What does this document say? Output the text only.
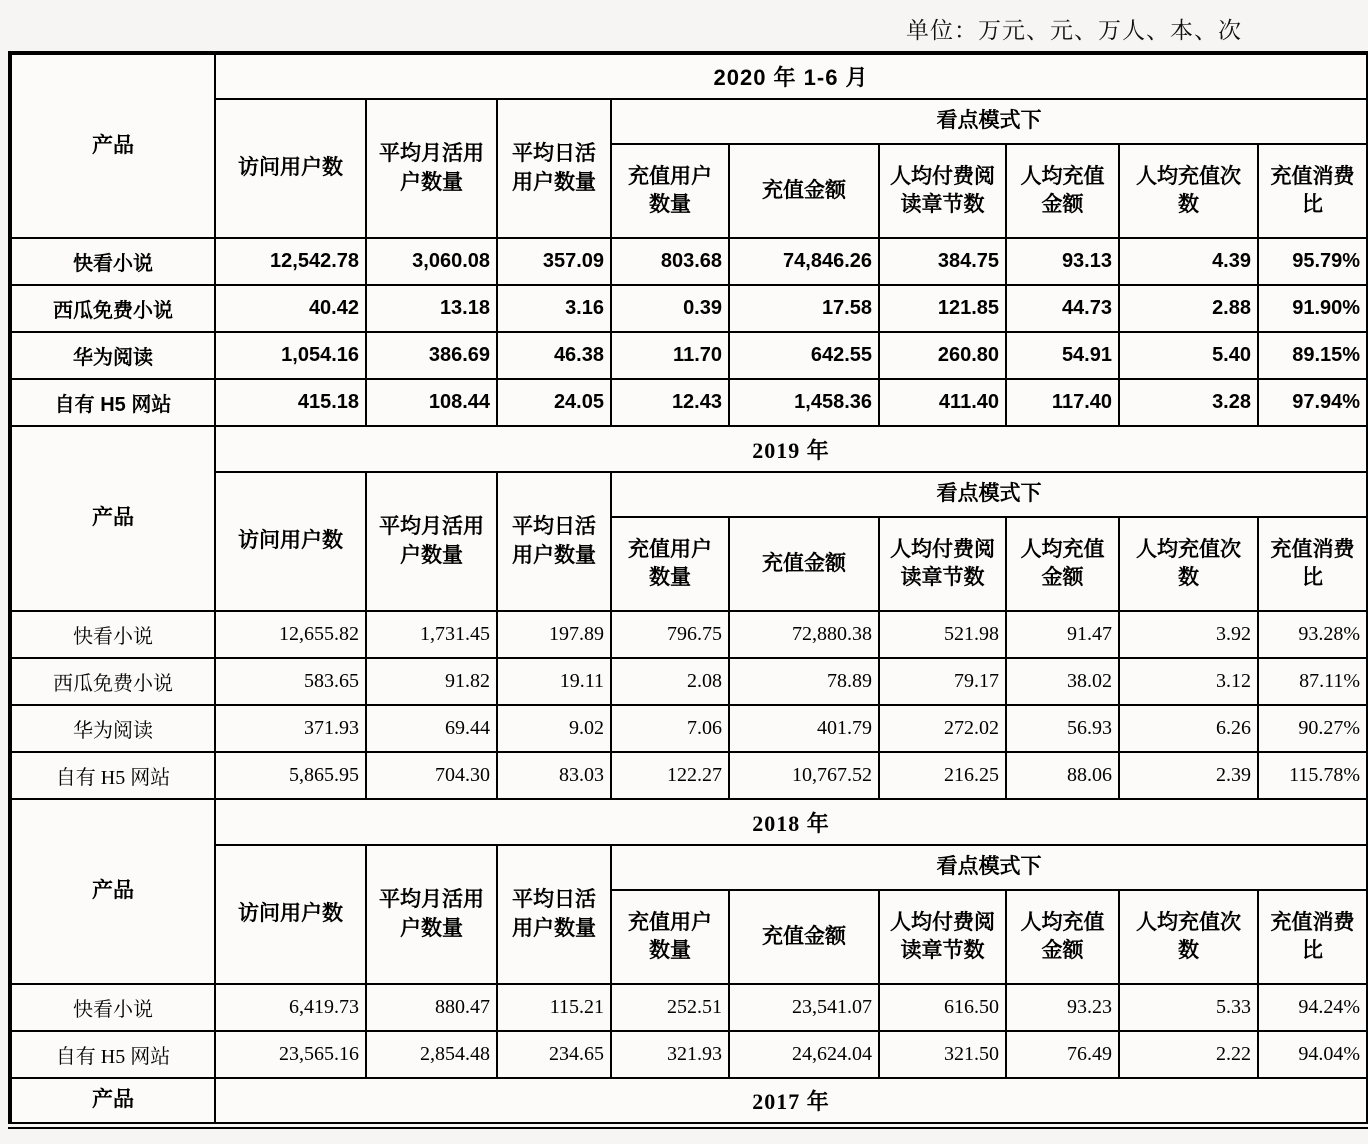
单位：万元、元、万人、本、次
产品	2020 年 1-6 月								
	访问用户数	平均月活用户数量	平均日活用户数量	看点模式下					
				充值用户数量	充值金额	人均付费阅读章节数	人均充值金额	人均充值次数	充值消费比
快看小说	12,542.78	3,060.08	357.09	803.68	74,846.26	384.75	93.13	4.39	95.79%
西瓜免费小说	40.42	13.18	3.16	0.39	17.58	121.85	44.73	2.88	91.90%
华为阅读	1,054.16	386.69	46.38	11.70	642.55	260.80	54.91	5.40	89.15%
自有 H5 网站	415.18	108.44	24.05	12.43	1,458.36	411.40	117.40	3.28	97.94%
产品	2019 年								
	访问用户数	平均月活用户数量	平均日活用户数量	看点模式下					
				充值用户数量	充值金额	人均付费阅读章节数	人均充值金额	人均充值次数	充值消费比
快看小说	12,655.82	1,731.45	197.89	796.75	72,880.38	521.98	91.47	3.92	93.28%
西瓜免费小说	583.65	91.82	19.11	2.08	78.89	79.17	38.02	3.12	87.11%
华为阅读	371.93	69.44	9.02	7.06	401.79	272.02	56.93	6.26	90.27%
自有 H5 网站	5,865.95	704.30	83.03	122.27	10,767.52	216.25	88.06	2.39	115.78%
产品	2018 年								
	访问用户数	平均月活用户数量	平均日活用户数量	看点模式下					
				充值用户数量	充值金额	人均付费阅读章节数	人均充值金额	人均充值次数	充值消费比
快看小说	6,419.73	880.47	115.21	252.51	23,541.07	616.50	93.23	5.33	94.24%
自有 H5 网站	23,565.16	2,854.48	234.65	321.93	24,624.04	321.50	76.49	2.22	94.04%
产品	2017 年								
